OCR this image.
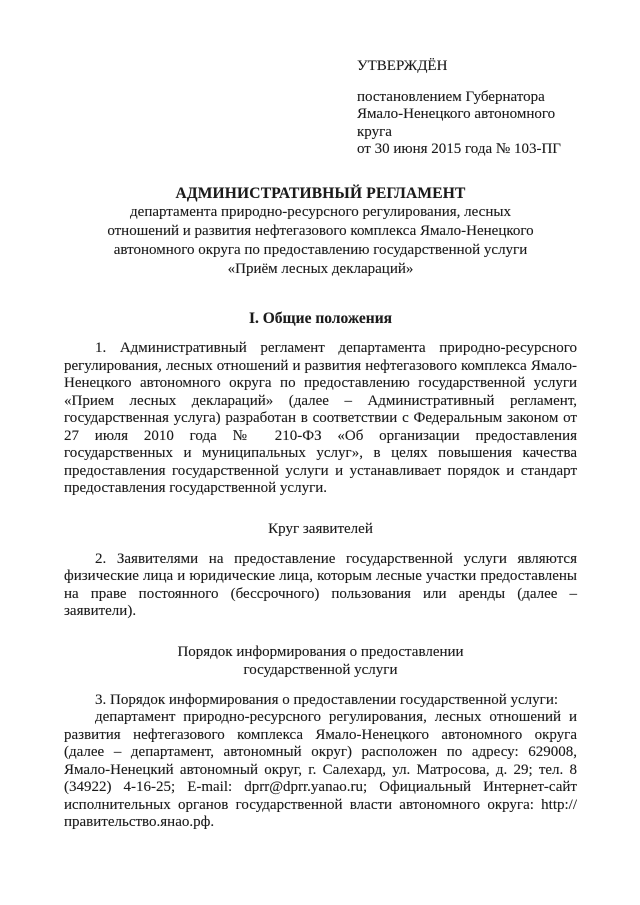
УТВЕРЖДЁН
постановлением Губернатора
Ямало-Ненецкого автономного круга
от 30 июня 2015 года № 103-ПГ
АДМИНИСТРАТИВНЫЙ РЕГЛАМЕНТ
департамента природно-ресурсного регулирования, лесных отношений и развития нефтегазового комплекса Ямало-Ненецкого автономного округа по предоставлению государственной услуги «Приём лесных деклараций»
I. Общие положения
1. Административный регламент департамента природно-ресурсного регулирования, лесных отношений и развития нефтегазового комплекса Ямало-Ненецкого автономного округа по предоставлению государственной услуги «Прием лесных деклараций» (далее – Административный регламент, государственная услуга) разработан в соответствии с Федеральным законом от 27 июля 2010 года № 210-ФЗ «Об организации предоставления государственных и муниципальных услуг», в целях повышения качества предоставления государственной услуги и устанавливает порядок и стандарт предоставления государственной услуги.
Круг заявителей
2. Заявителями на предоставление государственной услуги являются физические лица и юридические лица, которым лесные участки предоставлены на праве постоянного (бессрочного) пользования или аренды (далее – заявители).
Порядок информирования о предоставлении
государственной услуги
3. Порядок информирования о предоставлении государственной услуги:
департамент природно-ресурсного регулирования, лесных отношений и развития нефтегазового комплекса Ямало-Ненецкого автономного округа (далее – департамент, автономный округ) расположен по адресу: 629008, Ямало-Ненецкий автономный округ, г. Салехард, ул. Матросова, д. 29; тел. 8 (34922) 4-16-25; E-mail: dprr@dprr.yanao.ru; Официальный Интернет-сайт исполнительных органов государственной власти автономного округа: http://правительство.янао.рф.
